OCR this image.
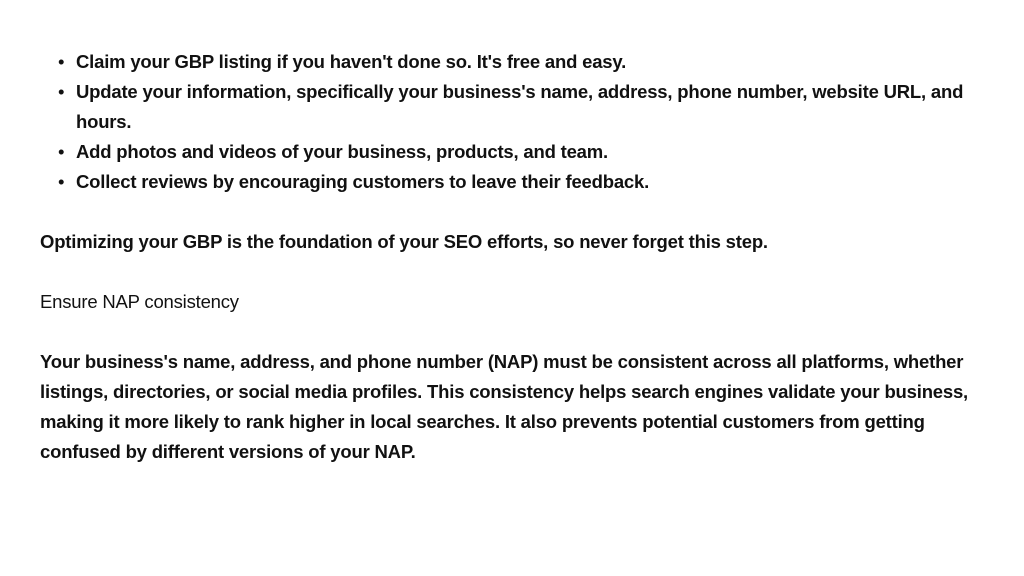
• Claim your GBP listing if you haven't done so. It's free and easy.
• Update your information, specifically your business's name, address, phone number, website URL, and hours.
• Add photos and videos of your business, products, and team.
• Collect reviews by encouraging customers to leave their feedback.

Optimizing your GBP is the foundation of your SEO efforts, so never forget this step.

Ensure NAP consistency

Your business's name, address, and phone number (NAP) must be consistent across all platforms, whether listings, directories, or social media profiles. This consistency helps search engines validate your business, making it more likely to rank higher in local searches. It also prevents potential customers from getting confused by different versions of your NAP.
